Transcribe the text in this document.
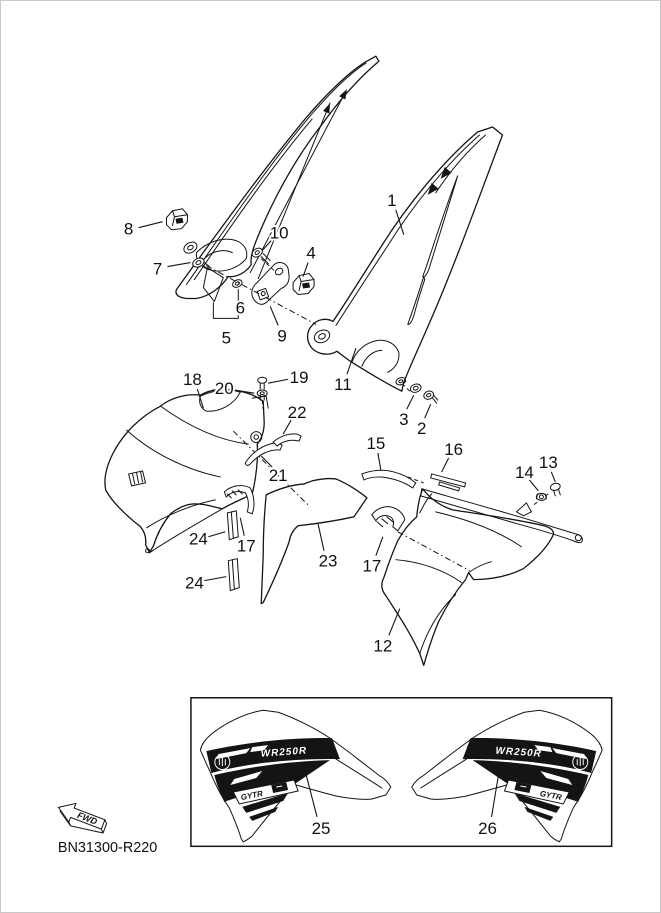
WR250R	WR250R
GYTR	GYTR
FWD
BN31300-R220
1
2
3
4
5
6
7
8
9
10
11
12
13
14
15	16
17
17
18	19
20
21
22
23
24
24
25	26
